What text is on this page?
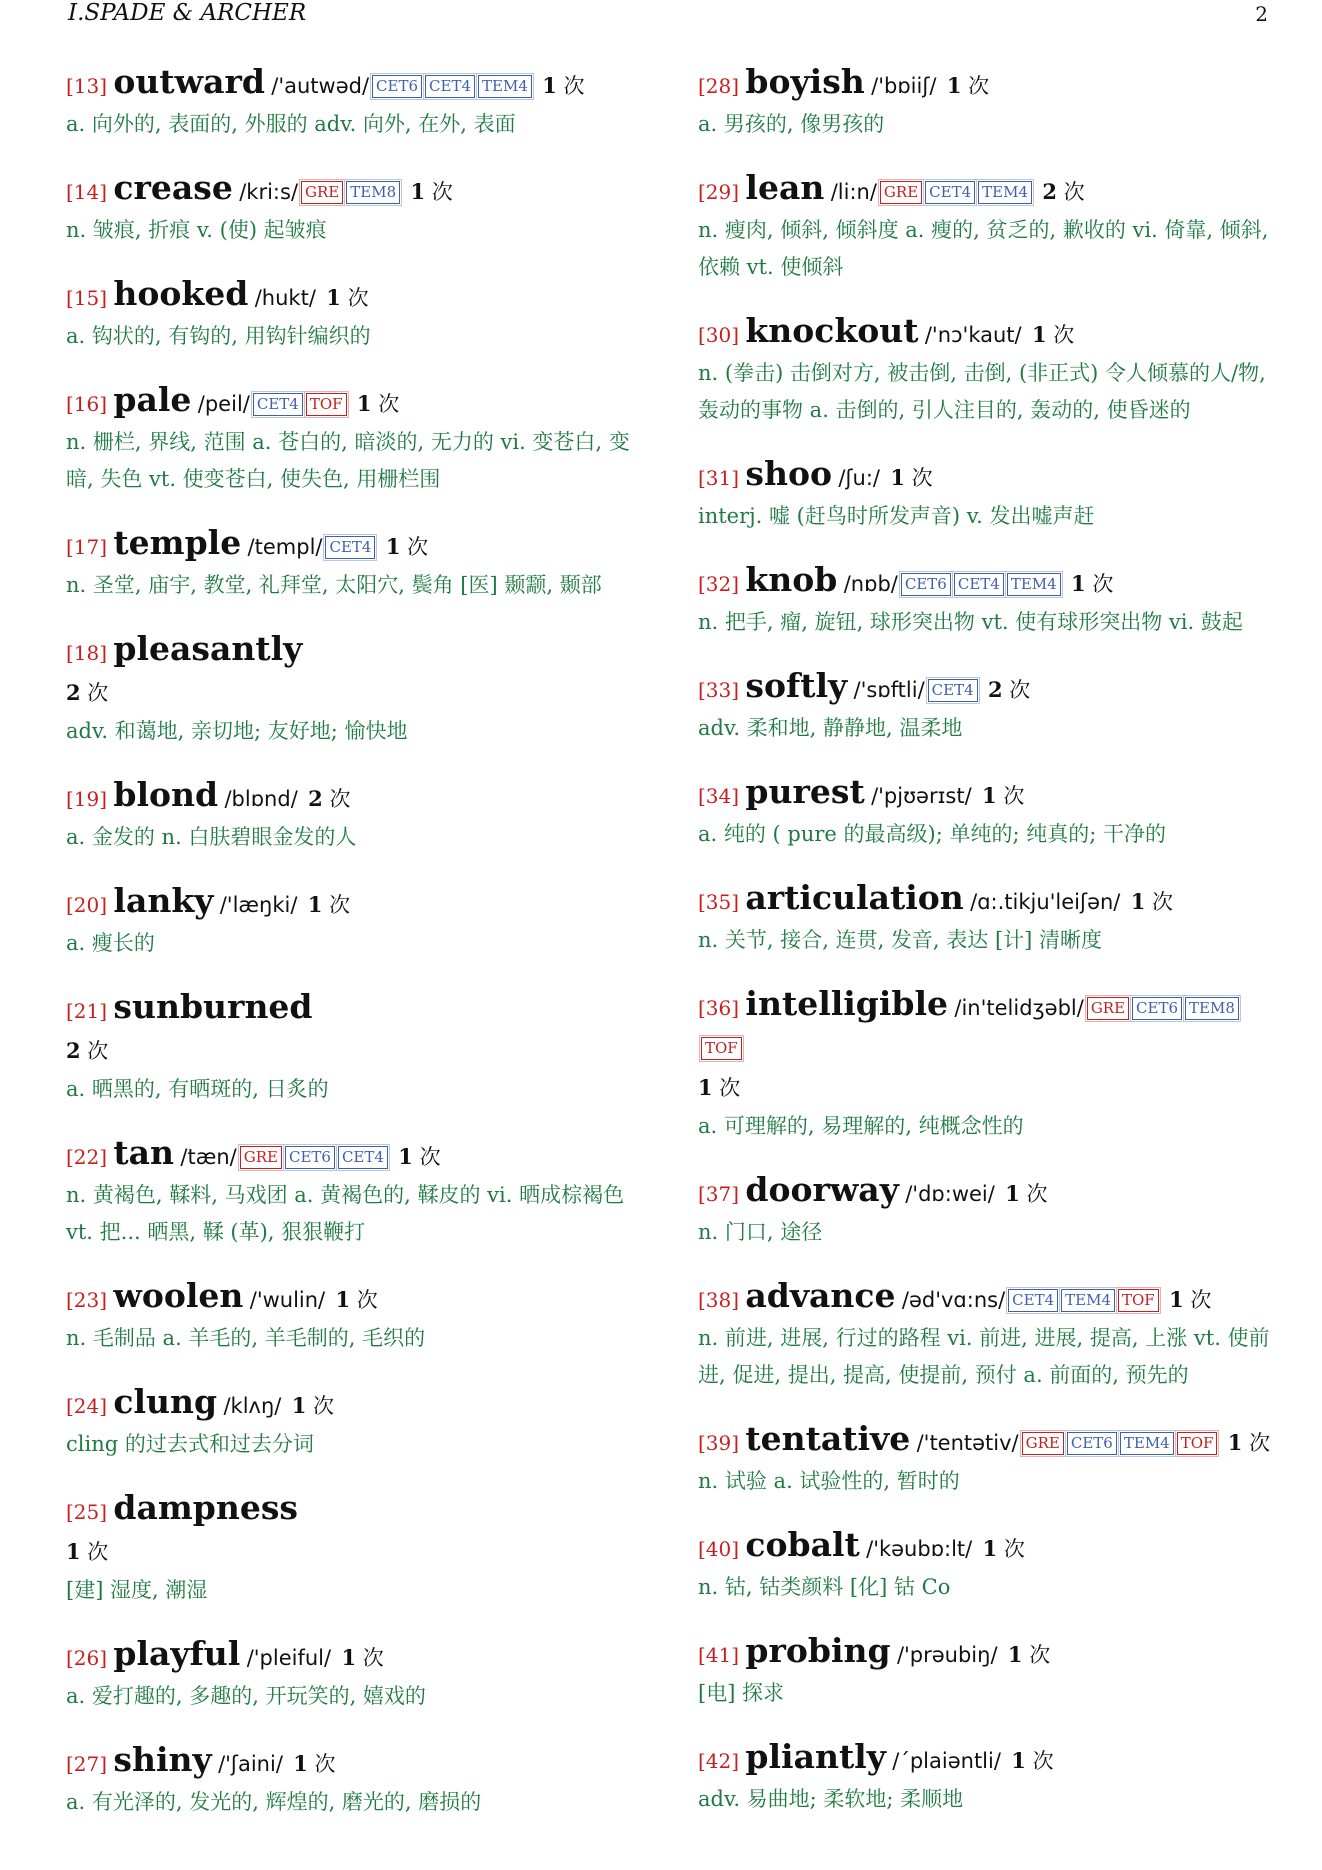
I.SPADE & ARCHER	2
[13] outward /'autwəd/ CET6 CET4 TEM4 1 次
a. 向外的, 表面的, 外服的 adv. 向外, 在外, 表面
[14] crease /kri:s/ GRE TEM8 1 次
n. 皱痕, 折痕 v. (使) 起皱痕
[15] hooked /hukt/ 1 次
a. 钩状的, 有钩的, 用钩针编织的
[16] pale /peil/ CET4 TOF 1 次
n. 栅栏, 界线, 范围 a. 苍白的, 暗淡的, 无力的 vi. 变苍白, 变暗, 失色 vt. 使变苍白, 使失色, 用栅栏围
[17] temple /templ/ CET4 1 次
n. 圣堂, 庙宇, 教堂, 礼拜堂, 太阳穴, 鬓角 [医] 颞颥, 颞部
[18] pleasantly
2 次
adv. 和蔼地, 亲切地; 友好地; 愉快地
[19] blond /blɒnd/ 2 次
a. 金发的 n. 白肤碧眼金发的人
[20] lanky /'læŋki/ 1 次
a. 瘦长的
[21] sunburned
2 次
a. 晒黑的, 有晒斑的, 日炙的
[22] tan /tæn/ GRE CET6 CET4 1 次
n. 黄褐色, 鞣料, 马戏团 a. 黄褐色的, 鞣皮的 vi. 晒成棕褐色 vt. 把... 晒黑, 鞣 (革), 狠狠鞭打
[23] woolen /'wulin/ 1 次
n. 毛制品 a. 羊毛的, 羊毛制的, 毛织的
[24] clung /klʌŋ/ 1 次
cling 的过去式和过去分词
[25] dampness
1 次
[建] 湿度, 潮湿
[26] playful /'pleiful/ 1 次
a. 爱打趣的, 多趣的, 开玩笑的, 嬉戏的
[27] shiny /'ʃaini/ 1 次
a. 有光泽的, 发光的, 辉煌的, 磨光的, 磨损的
[28] boyish /'bɒiiʃ/ 1 次
a. 男孩的, 像男孩的
[29] lean /li:n/ GRE CET4 TEM4 2 次
n. 瘦肉, 倾斜, 倾斜度 a. 瘦的, 贫乏的, 歉收的 vi. 倚靠, 倾斜, 依赖 vt. 使倾斜
[30] knockout /'nɔ'kaut/ 1 次
n. (拳击) 击倒对方, 被击倒, 击倒, (非正式) 令人倾慕的人/物, 轰动的事物 a. 击倒的, 引人注目的, 轰动的, 使昏迷的
[31] shoo /ʃu:/ 1 次
interj. 嘘 (赶鸟时所发声音) v. 发出嘘声赶
[32] knob /nɒb/ CET6 CET4 TEM4 1 次
n. 把手, 瘤, 旋钮, 球形突出物 vt. 使有球形突出物 vi. 鼓起
[33] softly /'sɒftli/ CET4 2 次
adv. 柔和地, 静静地, 温柔地
[34] purest /'pjʊərɪst/ 1 次
a. 纯的 ( pure 的最高级); 单纯的; 纯真的; 干净的
[35] articulation /ɑ:.tikju'leiʃən/ 1 次
n. 关节, 接合, 连贯, 发音, 表达 [计] 清晰度
[36] intelligible /in'telidʒəbl/ GRE CET6 TEM8TOF
1 次
a. 可理解的, 易理解的, 纯概念性的
[37] doorway /'dɒ:wei/ 1 次
n. 门口, 途径
[38] advance /əd'vɑ:ns/ CET4 TEM4 TOF 1 次
n. 前进, 进展, 行过的路程 vi. 前进, 进展, 提高, 上涨 vt. 使前进, 促进, 提出, 提高, 使提前, 预付 a. 前面的, 预先的
[39] tentative /'tentətiv/ GRE CET6 TEM4 TOF 1 次
n. 试验 a. 试验性的, 暂时的
[40] cobalt /'kəubɒ:lt/ 1 次
n. 钴, 钴类颜料 [化] 钴 Co
[41] probing /'prəubiŋ/ 1 次
[电] 探求
[42] pliantly /ˊplaiəntli/ 1 次
adv. 易曲地; 柔软地; 柔顺地
